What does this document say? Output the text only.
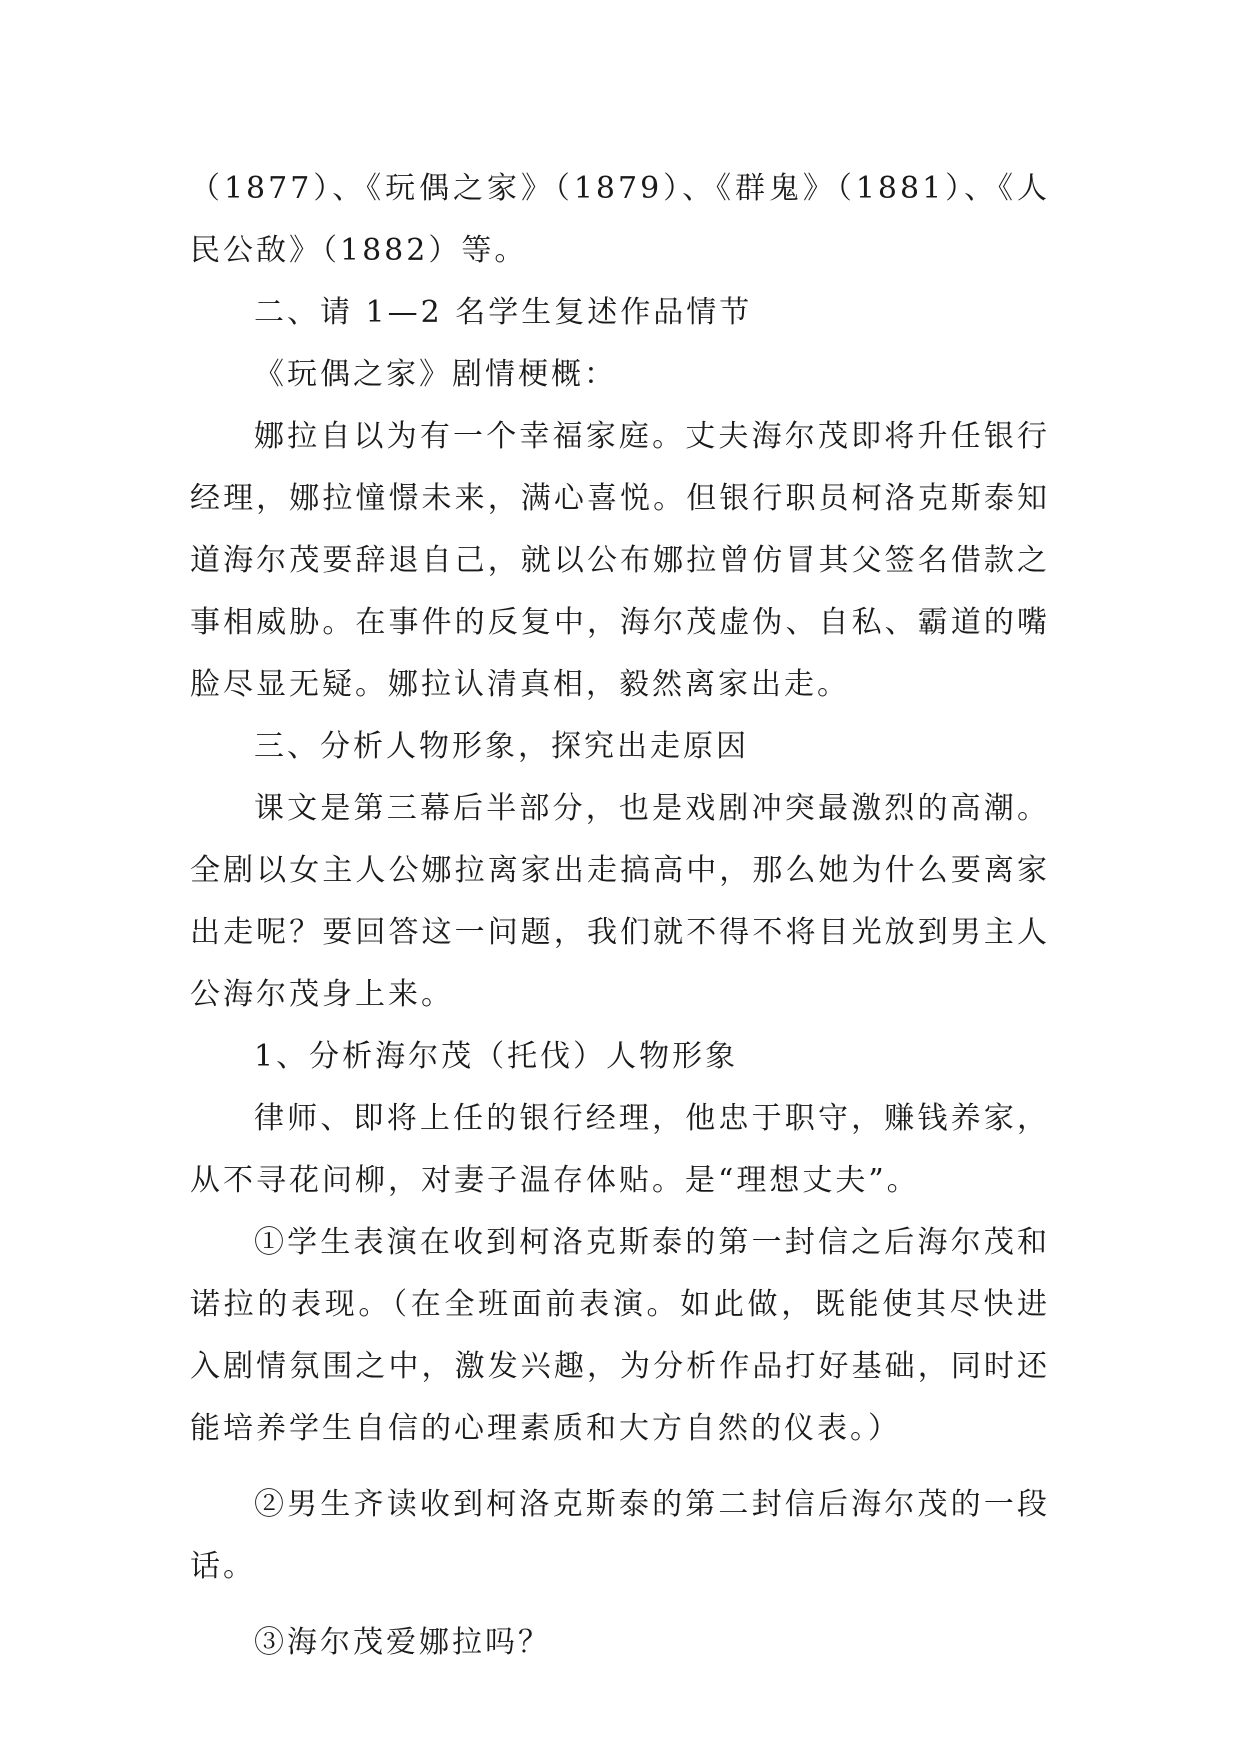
（1877）、《玩偶之家》（1879）、《群鬼》（1881）、《人民公敌》（1882）等。

二、请 1—2 名学生复述作品情节

《玩偶之家》剧情梗概：

娜拉自以为有一个幸福家庭。丈夫海尔茂即将升任银行经理，娜拉憧憬未来，满心喜悦。但银行职员柯洛克斯泰知道海尔茂要辞退自己，就以公布娜拉曾仿冒其父签名借款之事相威胁。在事件的反复中，海尔茂虚伪、自私、霸道的嘴脸尽显无疑。娜拉认清真相，毅然离家出走。

三、分析人物形象，探究出走原因

课文是第三幕后半部分，也是戏剧冲突最激烈的高潮。全剧以女主人公娜拉离家出走搞高中，那么她为什么要离家出走呢？要回答这一问题，我们就不得不将目光放到男主人公海尔茂身上来。

1、分析海尔茂（托伐）人物形象

律师、即将上任的银行经理，他忠于职守，赚钱养家，从不寻花问柳，对妻子温存体贴。是“理想丈夫”。

①学生表演在收到柯洛克斯泰的第一封信之后海尔茂和诺拉的表现。（在全班面前表演。如此做，既能使其尽快进入剧情氛围之中，激发兴趣，为分析作品打好基础，同时还能培养学生自信的心理素质和大方自然的仪表。）

②男生齐读收到柯洛克斯泰的第二封信后海尔茂的一段话。

③海尔茂爱娜拉吗？
